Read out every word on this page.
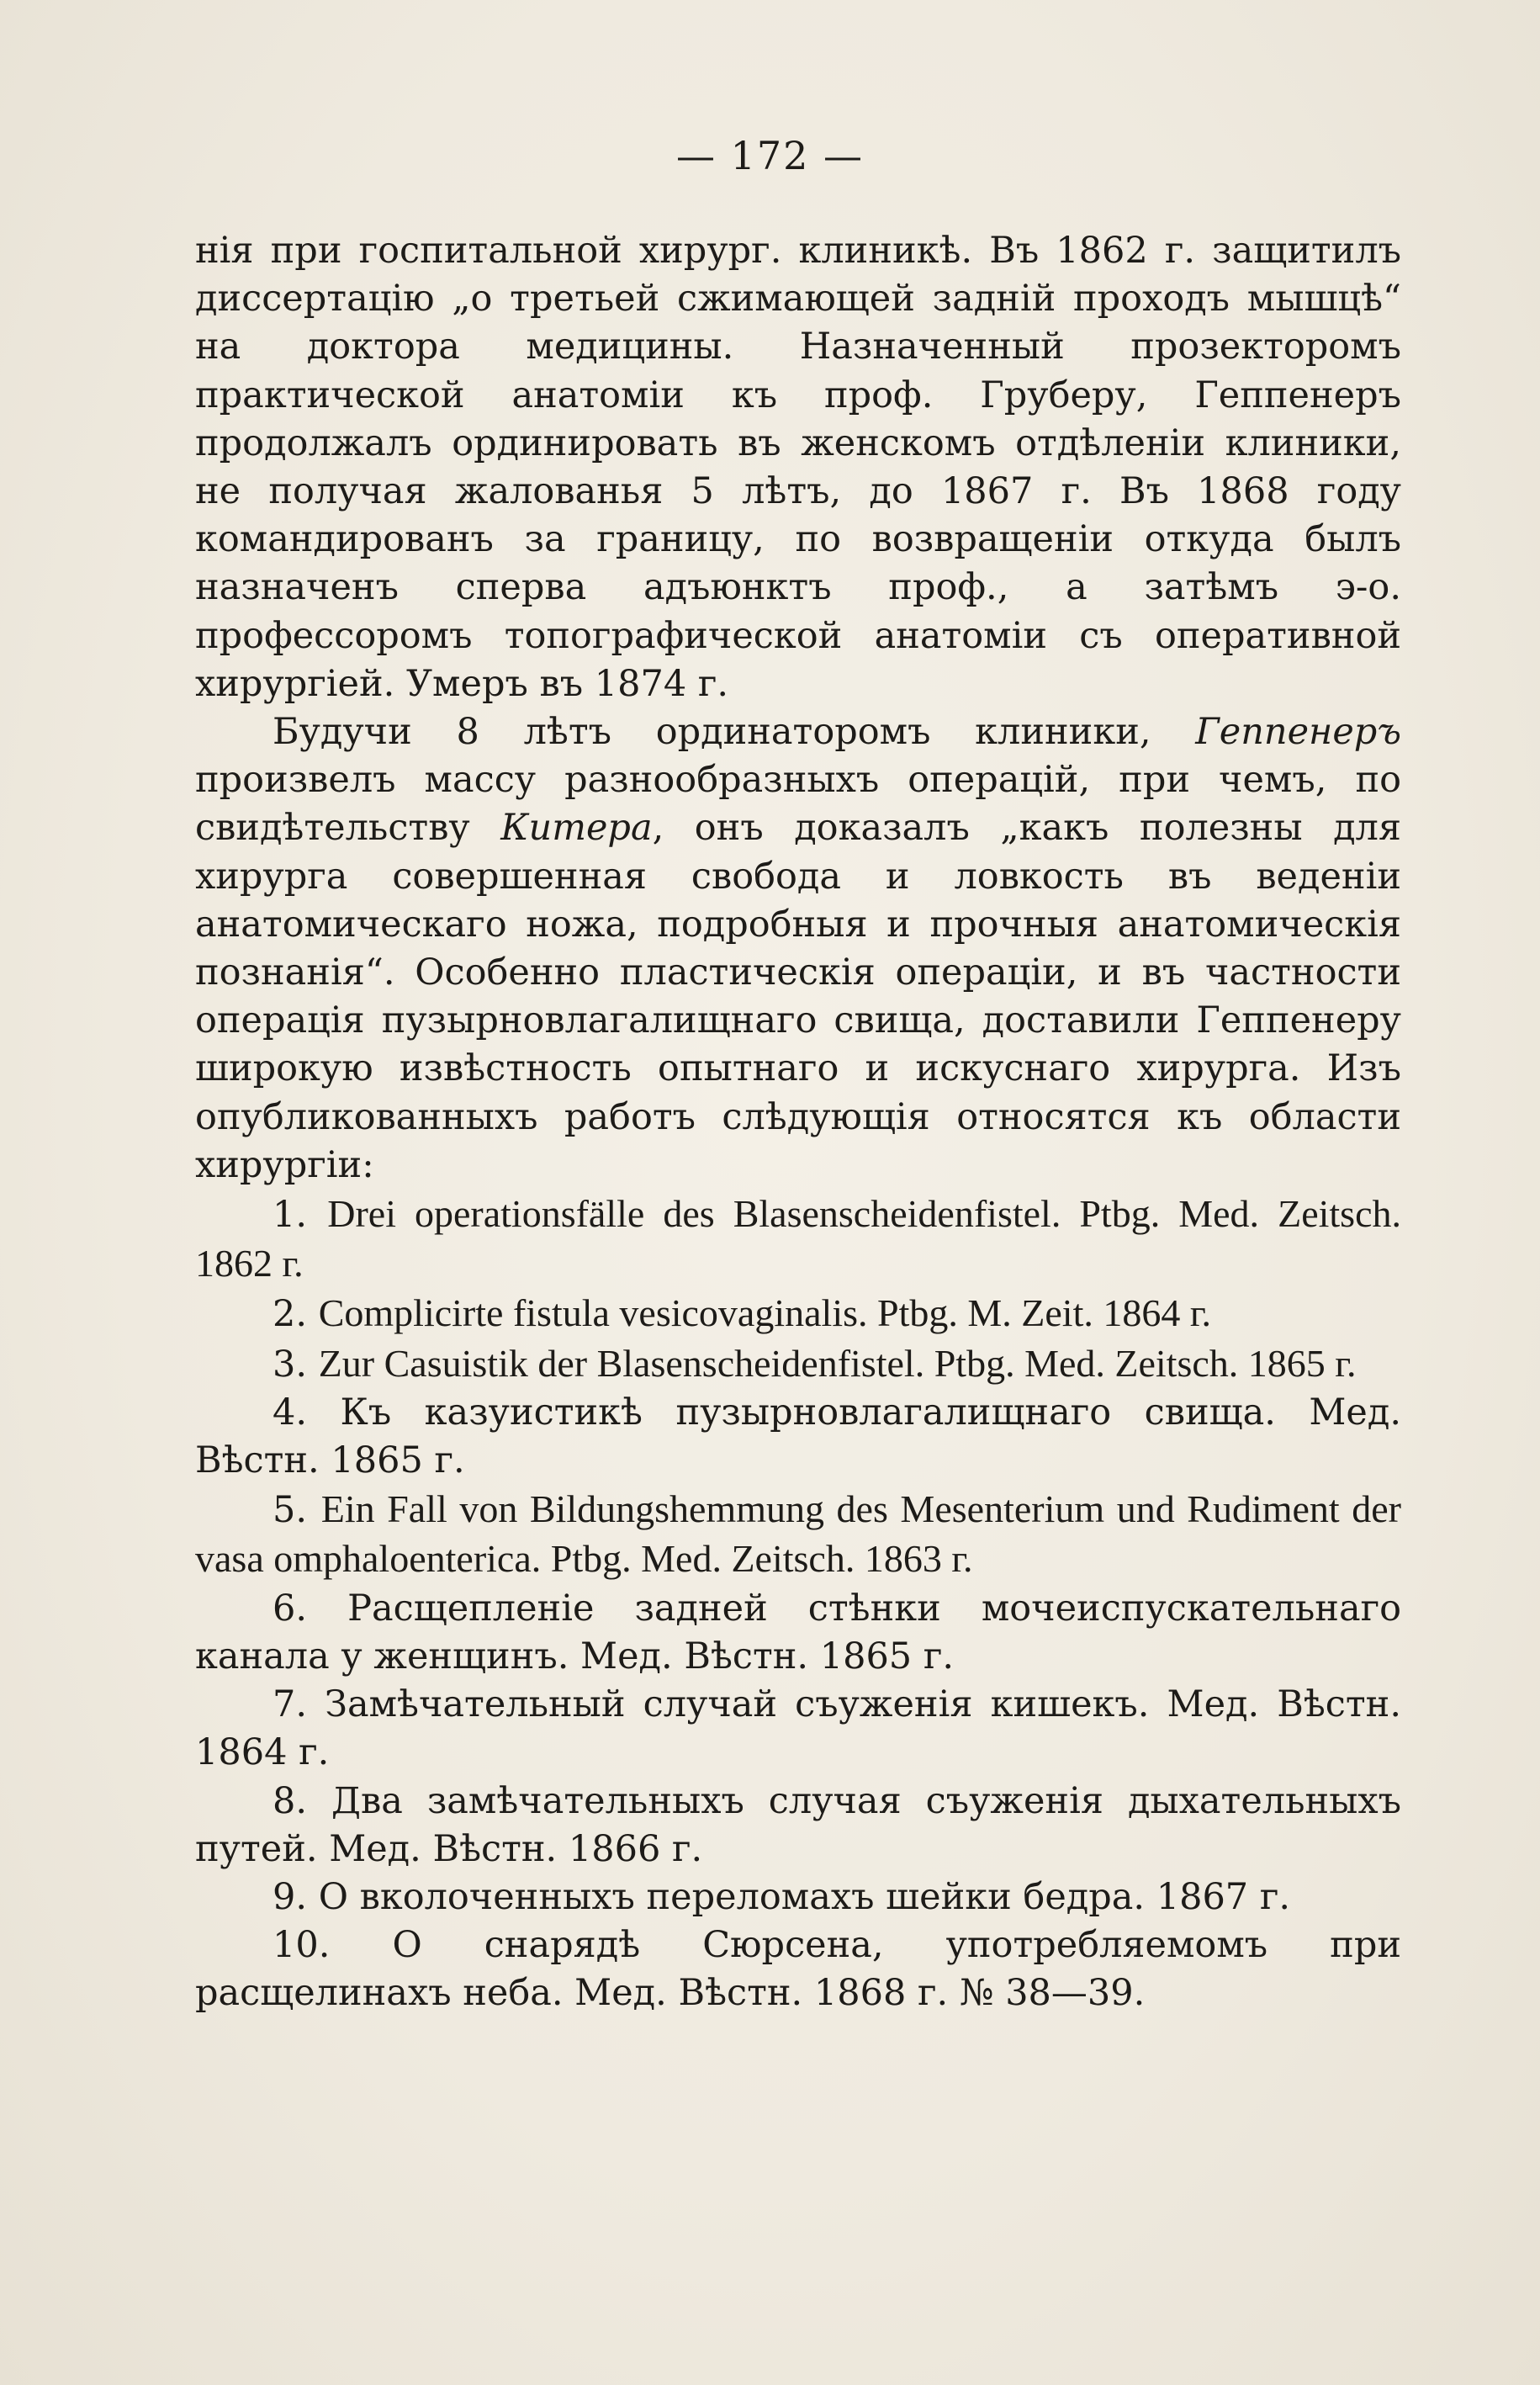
— 172 —

нія при госпитальной хирург. клиникѣ. Въ 1862 г. защитилъ диссертацію „о третьей сжимающей заднiй проходъ мышцѣ“ на доктора медицины. Назначенный прозекторомъ практической анатоміи къ проф. Груберу, Геппенеръ продолжалъ ординировать въ женскомъ отдѣленіи клиники, не получая жалованья 5 лѣтъ, до 1867 г. Въ 1868 году командированъ за границу, по возвращеніи откуда былъ назначенъ сперва адъюнктъ проф., а затѣмъ э-о. профессоромъ топографической анатоміи съ оперативной хирургіей. Умеръ въ 1874 г.

Будучи 8 лѣтъ ординаторомъ клиники, Геппенеръ произвелъ массу разнообразныхъ операцій, при чемъ, по свидѣтельству Китера, онъ доказалъ „какъ полезны для хирурга совершенная свобода и ловкость въ веденіи анатомическаго ножа, подробныя и прочныя анатомическія познанія“. Особенно пластическія операціи, и въ частности операція пузырновлагалищнаго свища, доставили Геппенеру широкую извѣстность опытнаго и искуснаго хирурга. Изъ опубликованныхъ работъ слѣдующія относятся къ области хирургіи:

1. Drei operationsfälle des Blasenscheidenfistel. Ptbg. Med. Zeitsch. 1862 г.

2. Complicirte fistula vesicovaginalis. Ptbg. M. Zeit. 1864 г.

3. Zur Casuistik der Blasenscheidenfistel. Ptbg. Med. Zeitsch. 1865 г.

4. Къ казуистикѣ пузырновлагалищнаго свища. Мед. Вѣстн. 1865 г.

5. Ein Fall von Bildungshemmung des Mesenterium und Rudiment der vasa omphaloenterica. Ptbg. Med. Zeitsch. 1863 г.

6. Расщепленіе задней стѣнки мочеиспускательнаго канала у женщинъ. Мед. Вѣстн. 1865 г.

7. Замѣчательный случай съуженія кишекъ. Мед. Вѣстн. 1864 г.

8. Два замѣчательныхъ случая съуженія дыхательныхъ путей. Мед. Вѣстн. 1866 г.

9. О вколоченныхъ переломахъ шейки бедра. 1867 г.

10. О снарядѣ Сюрсена, употребляемомъ при расщелинахъ неба. Мед. Вѣстн. 1868 г. № 38—39.
